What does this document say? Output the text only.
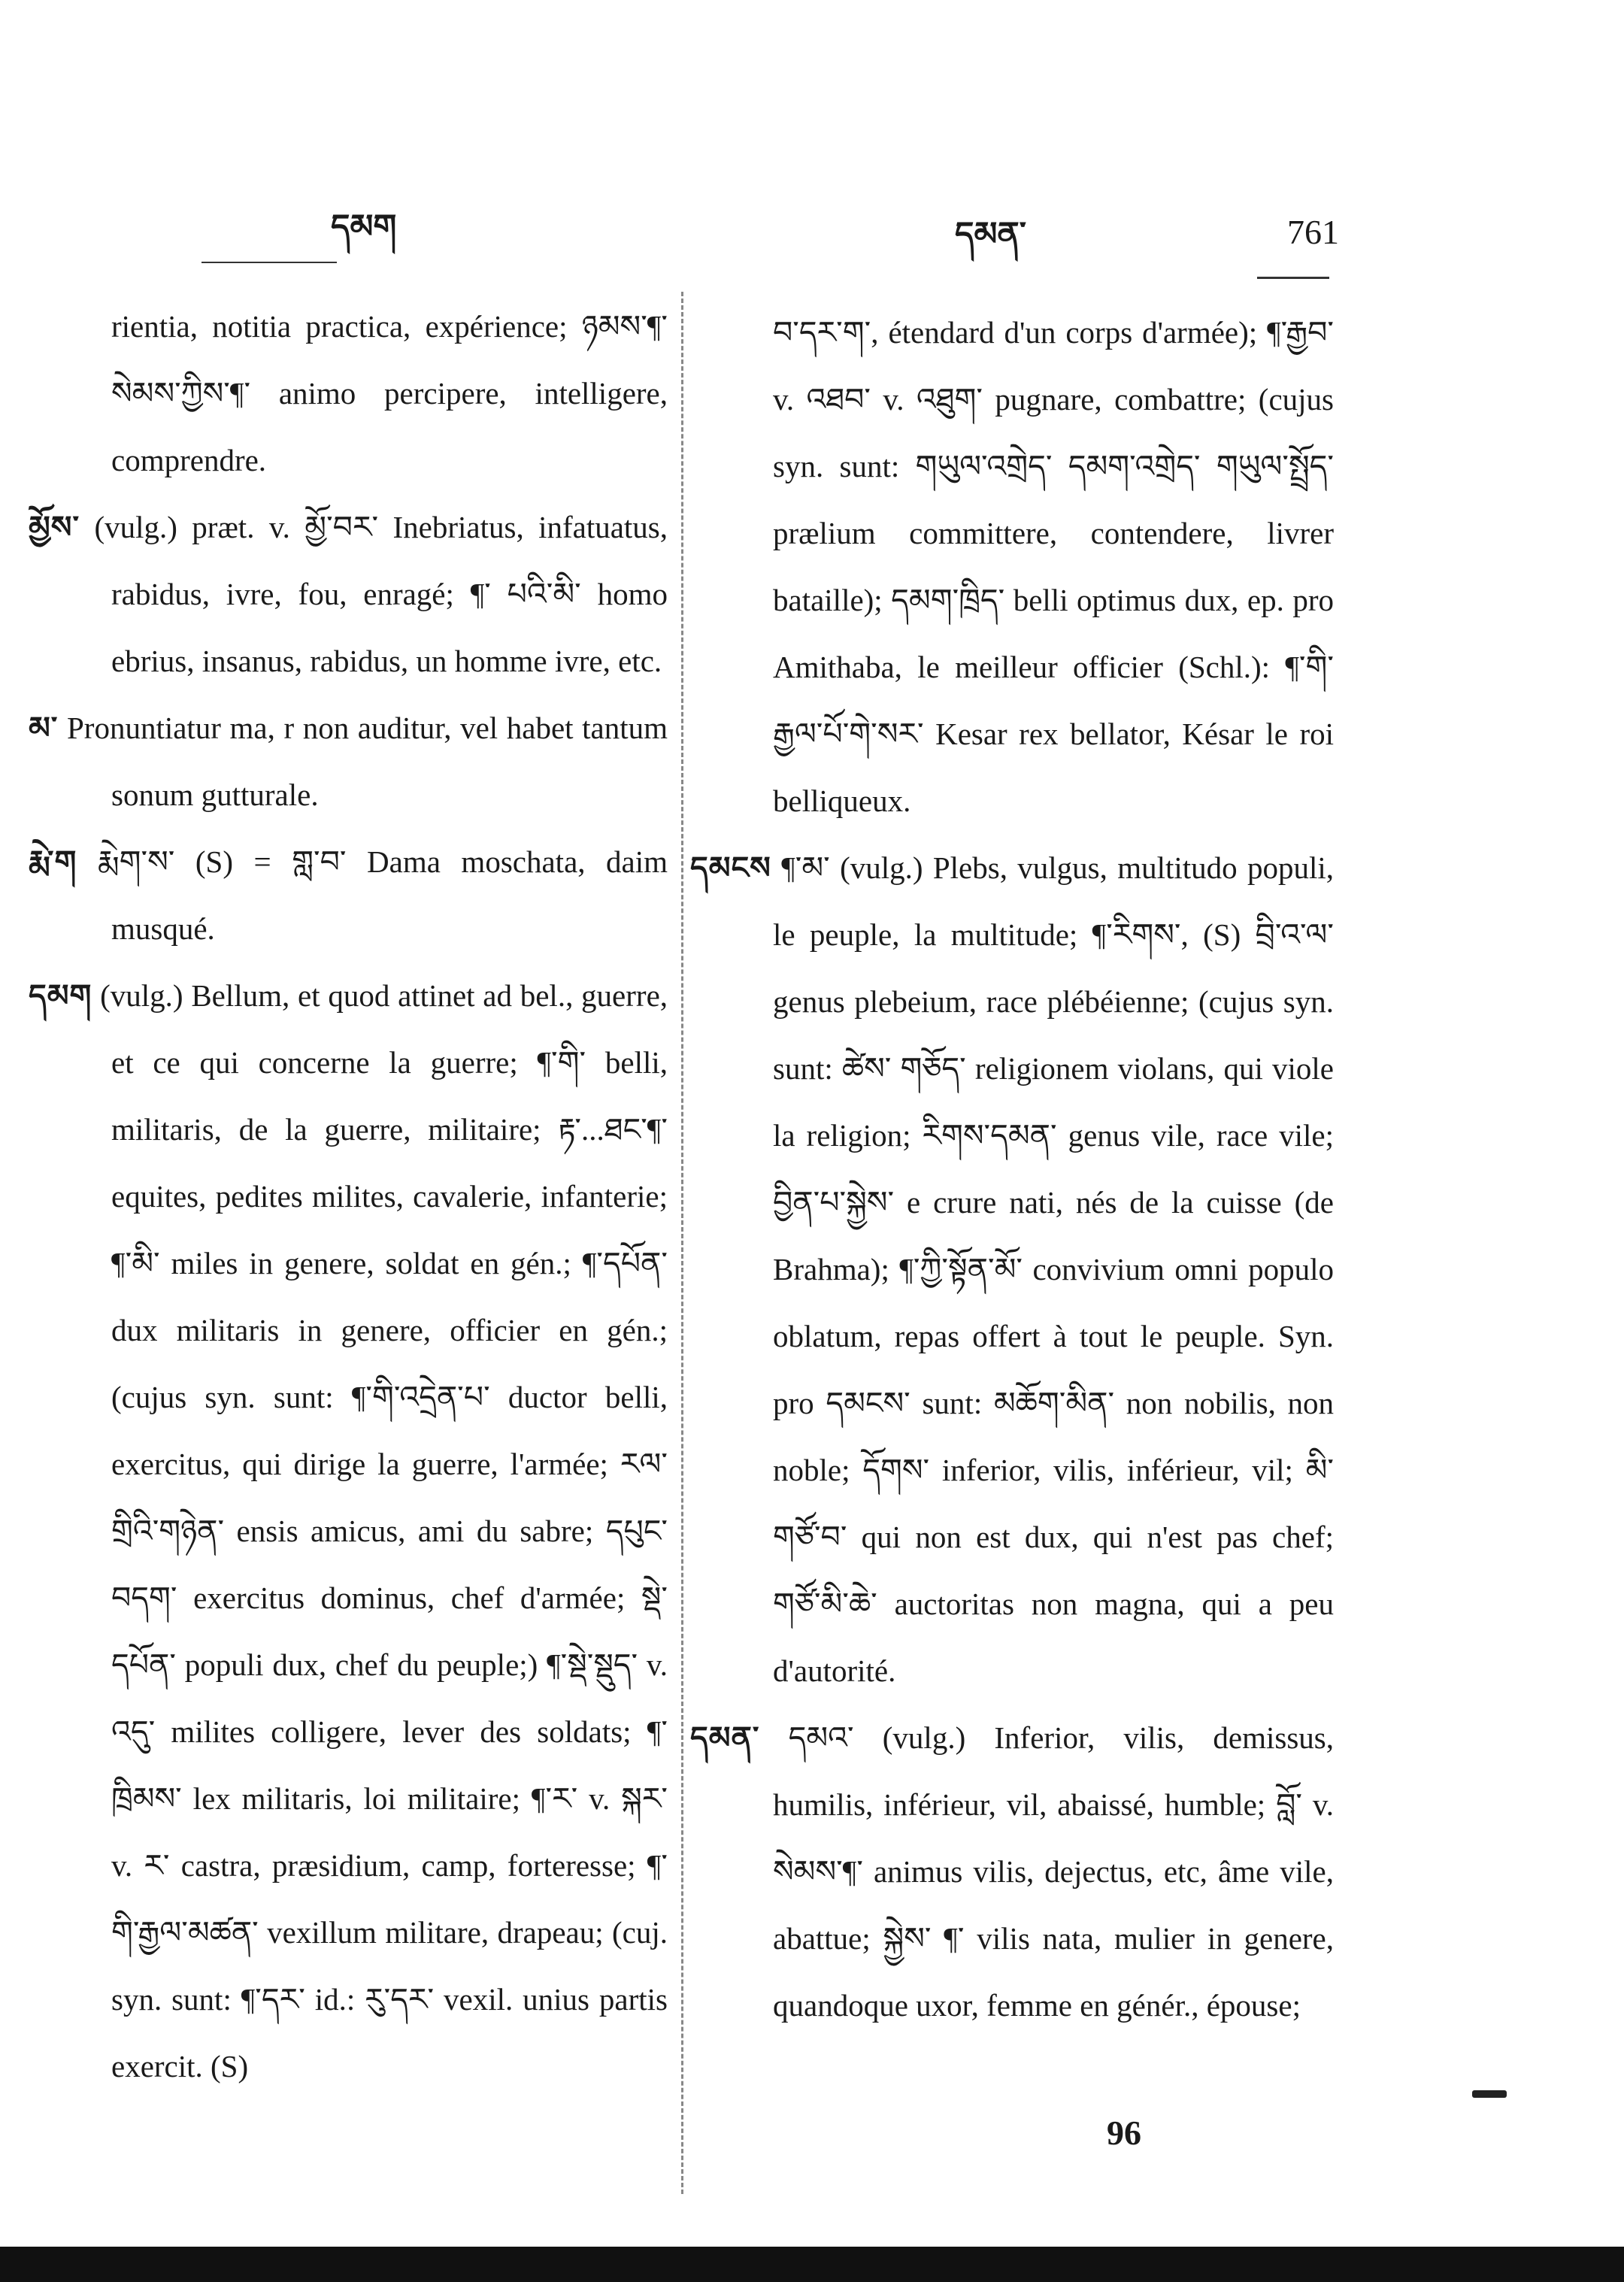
དམག	དམན་	761

rientia, notitia practica, expérience; ཉམས་¶་ སེམས་ཀྱིས་¶་ animo percipere, intelligere, comprendre.

མྱོས་ (vulg.) præt. v. མྱོ་བར་ Inebriatus, infatuatus, rabidus, ivre, fou, enragé; ¶་ པའི་མི་ homo ebrius, insanus, rabidus, un homme ivre, etc.

མ་ Pronuntiatur ma, r non auditur, vel habet tantum sonum gutturale.

རྨེ་ག རྨེག་ས་ (S) = གླ་བ་ Dama moschata, daim musqué.

དམག (vulg.) Bellum, et quod attinet ad bel., guerre, et ce qui concerne la guerre; ¶་གི་ belli, militaris, de la guerre, militaire; རྟ་...ཐང་¶་ equites, pedites milites, cavalerie, infanterie; ¶་མི་ miles in genere, soldat en gén.; ¶་དཔོན་ dux militaris in genere, officier en gén.; (cujus syn. sunt: ¶་གི་འདྲེན་པ་ ductor belli, exercitus, qui dirige la guerre, l'armée; རལ་གྲིའི་གཉེན་ ensis amicus, ami du sabre; དཔུང་བདག་ exercitus dominus, chef d'armée; སྡེ་དཔོན་ populi dux, chef du peuple;) ¶་སྡེ་སྡུད་ v. འདུ་ milites colligere, lever des soldats; ¶་ ཁྲིམས་ lex militaris, loi militaire; ¶་ར་ v. སྐར་ v. ར་ castra, præsidium, camp, forteresse; ¶་གི་རྒྱལ་མཚན་ vexillum militare, drapeau; (cuj. syn. sunt: ¶་དར་ id.: རུ་དར་ vexil. unius partis exercit. (S)

བ་དར་ག་, étendard d'un corps d'armée); ¶་རྒྱབ་ v. འཐབ་ v. འཐུག་ pugnare, combattre; (cujus syn. sunt: གཡུལ་འགྲེད་ དམག་འགྲེད་ གཡུལ་སྤྲོད་ prælium committere, contendere, livrer bataille); དམག་ཁྲིད་ belli optimus dux, ep. pro Amithaba, le meilleur officier (Schl.): ¶་གི་རྒྱལ་པོ་གེ་སར་ Kesar rex bellator, Késar le roi belliqueux.

དམངས ¶་མ་ (vulg.) Plebs, vulgus, multitudo populi, le peuple, la multitude; ¶་རིགས་, (S) བྲི་འ་ལ་ genus plebeium, race plébéienne; (cujus syn. sunt: ཚེས་ གཅོད་ religionem violans, qui viole la religion; རིགས་དམན་ genus vile, race vile; བྱིན་པ་སྐྱེས་ e crure nati, nés de la cuisse (de Brahma); ¶་ཀྱི་སྟོན་མོ་ convivium omni populo oblatum, repas offert à tout le peuple. Syn. pro དམངས་ sunt: མཆོག་མིན་ non nobilis, non noble; དོགས་ inferior, vilis, inférieur, vil; མི་གཙོ་བ་ qui non est dux, qui n'est pas chef; གཙོ་མི་ཆེ་ auctoritas non magna, qui a peu d'autorité.

དམན་ དམའ་ (vulg.) Inferior, vilis, demissus, humilis, inférieur, vil, abaissé, humble; བློ་ v. སེམས་¶་ animus vilis, dejectus, etc, âme vile, abattue; སྐྱེས་ ¶་ vilis nata, mulier in genere, quandoque uxor, femme en génér., épouse;

96
